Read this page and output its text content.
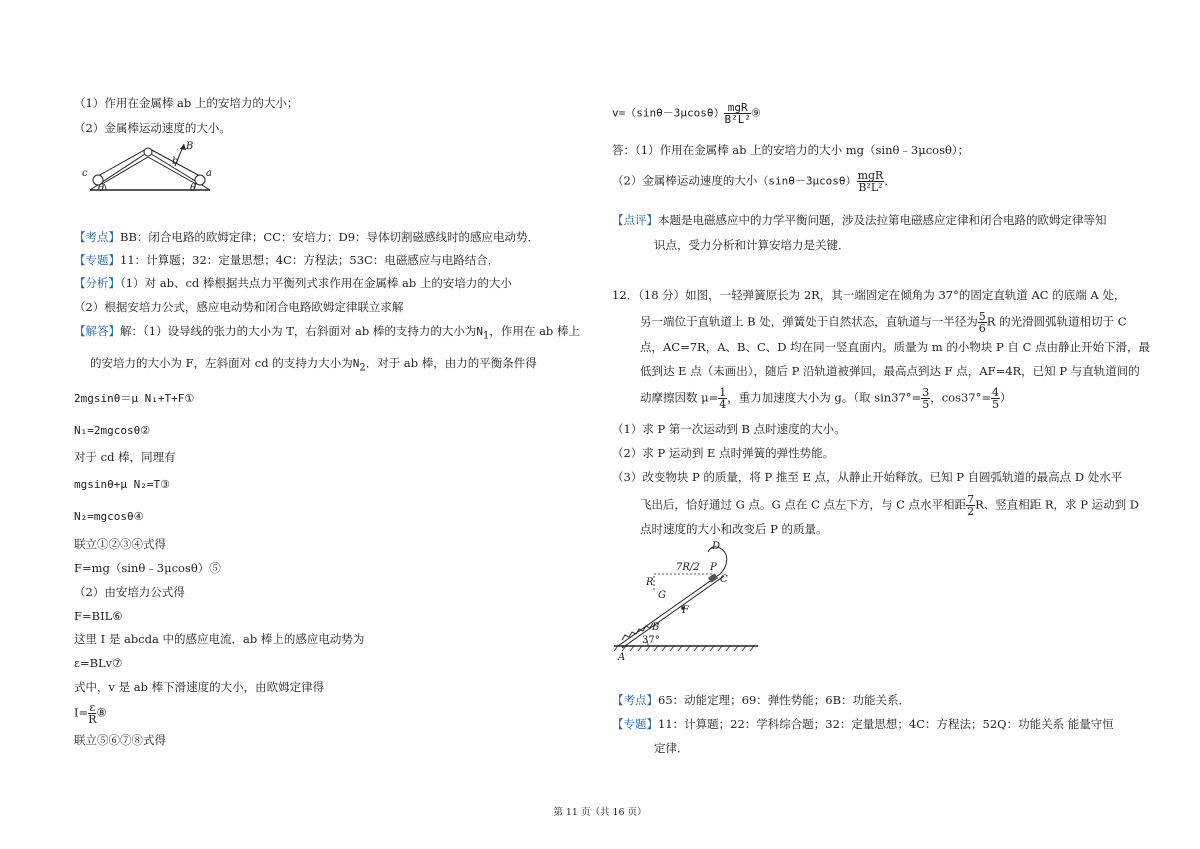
（1）作用在金属棒 ab 上的安培力的大小；
（2）金属棒运动速度的大小。
c
b
B
a
θ	θ
【考点】BB：闭合电路的欧姆定律；CC：安培力；D9：导体切割磁感线时的感应电动势．
【专题】11：计算题；32：定量思想；4C：方程法；53C：电磁感应与电路结合．
【分析】（1）对 ab、cd 棒根据共点力平衡列式求作用在金属棒 ab 上的安培力的大小
（2）根据安培力公式，感应电动势和闭合电路欧姆定律联立求解
【解答】解：（1）设导线的张力的大小为 T，右斜面对 ab 棒的支持力的大小为$N_1$，作用在 ab 棒上
的安培力的大小为 F，左斜面对 cd 的支持力大小为$N_2$．对于 ab 棒，由力的平衡条件得
2mgsinθ＝μ N₁+T+F①
N₁=2mgcosθ②
对于 cd 棒，同理有
mgsinθ+μ N₂=T③
N₂=mgcosθ④
联立①②③④式得
F=mg（sinθ﹣3μcosθ）⑤
（2）由安培力公式得
F=BIL⑥
这里 I 是 abcda 中的感应电流．ab 棒上的感应电动势为
ε=BLv⑦
式中，v 是 ab 棒下滑速度的大小，由欧姆定律得
$I= \frac{\varepsilon}{R}$ ⑧
联立⑤⑥⑦⑧式得
$v=(\sin\theta-3\mu\cos\theta) \frac{\text{mgR}}{\text{B²L²}}$ ⑨
答：（1）作用在金属棒 ab 上的安培力的大小 mg（sinθ﹣3μcosθ）；
（2）金属棒运动速度的大小$(\sin\theta-3\mu\cos\theta) \frac{\text{mgR}}{\text{B²L²}}$ ．
【点评】本题是电磁感应中的力学平衡问题，涉及法拉第电磁感应定律和闭合电路的欧姆定律等知
识点，受力分析和计算安培力是关键．
12．（18 分）如图，一轻弹簧原长为 2R，其一端固定在倾角为 37°的固定直轨道 AC 的底端 A 处，
另一端位于直轨道上 B 处，弹簧处于自然状态，直轨道与一半径为 $\frac{5}{6}$ R 的光滑圆弧轨道相切于 C
点，AC=7R，A、B、C、D 均在同一竖直面内。质量为 m 的小物块 P 自 C 点由静止开始下滑，最
低到达 E 点（未画出），随后 P 沿轨道被弹回，最高点到达 F 点，AF=4R，已知 P 与直轨道间的
动摩擦因数 $\mu= \frac{1}{4}$ ，重力加速度大小为 g。（取 $\sin 37^\circ= \frac{3}{5}$ ，$\cos 37^\circ= \frac{4}{5}$ ）
（1）求 P 第一次运动到 B 点时速度的大小。
（2）求 P 运动到 E 点时弹簧的弹性势能。
（3）改变物块 P 的质量，将 P 推至 E 点，从静止开始释放。已知 P 自圆弧轨道的最高点 D 处水平
飞出后，恰好通过 G 点。G 点在 C 点左下方，与 C 点水平相距 $\frac{7}{2}$ R、竖直相距 R，求 P 运动到 D
点时速度的大小和改变后 P 的质量。
D
7R/2 P
C
R
G
F
B
37°
A
【考点】65：动能定理；69：弹性势能；6B：功能关系．
【专题】11：计算题；22：学科综合题；32：定量思想；4C：方程法；52Q：功能关系 能量守恒
定律．
第 11 页（共 16 页）
